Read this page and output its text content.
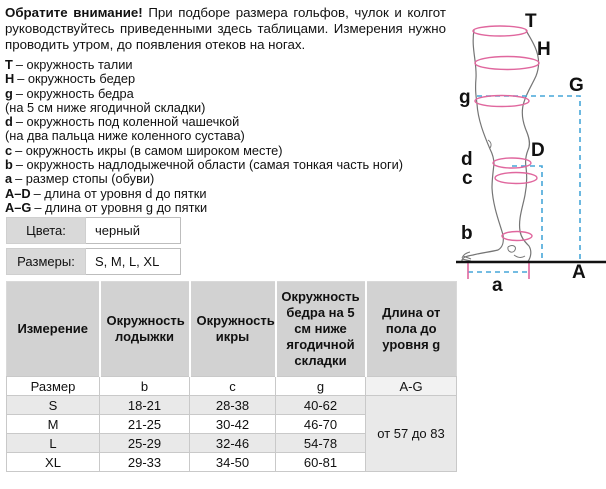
Обратите внимание! При подборе размера гольфов, чулок и колгот руководствуйтесь приведенными здесь таблицами. Измерения нужно проводить утром, до появления отеков на ногах.
T – окружность талии
H – окружность бедер
g – окружность бедра
(на 5 см ниже ягодичной складки)
d – окружность под коленной чашечкой
(на два пальца ниже коленного сустава)
c – окружность икры (в самом широком месте)
b – окружность надлодыжечной области (самая тонкая часть ноги)
a – размер стопы (обуви)
A–D – длина от уровня d до пятки
A–G – длина от уровня g до пятки
Цвета:	черный
Размеры:	S, M, L, XL
Измерение	Окружность лодыжки	Окружность икры	Окружность бедра на 5 см ниже ягодичной складки	Длина от пола до уровня g
Размер	b	c	g	A-G
S	18-21	28-38	40-62	от 57 до 83
M	21-25	30-42	46-70	
L	25-29	32-46	54-78	
XL	29-33	34-50	60-81	
T
H
G
g
D
d
c
b
a
A
